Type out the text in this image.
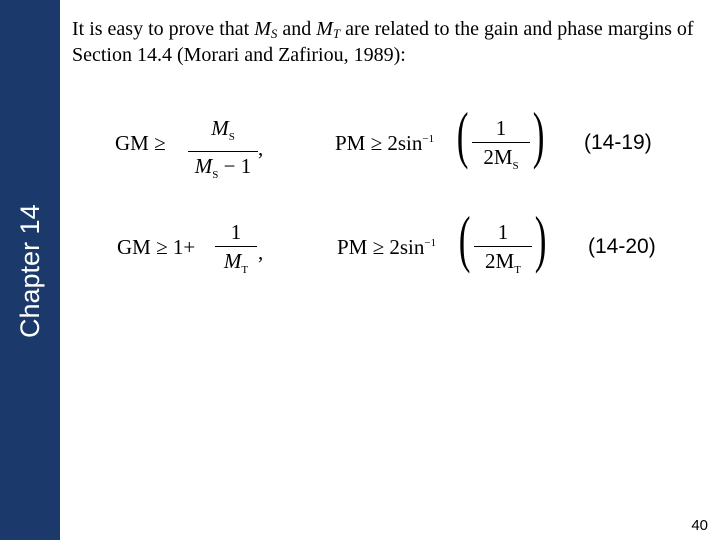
Chapter 14
It is easy to prove that $M_S$ and $M_T$ are related to the gain and phase margins of Section 14.4 (Morari and Zafiriou, 1989):
GM ≥
$M_S$
$M_S - 1$
,	PM ≥ $2\sin^{-1}$ (	1
$2M_S$ ) (14-19)
GM ≥ 1+
1
$M_T$
,	PM ≥ $2\sin^{-1}$ (	1
$2M_T$ ) (14-20)
40
